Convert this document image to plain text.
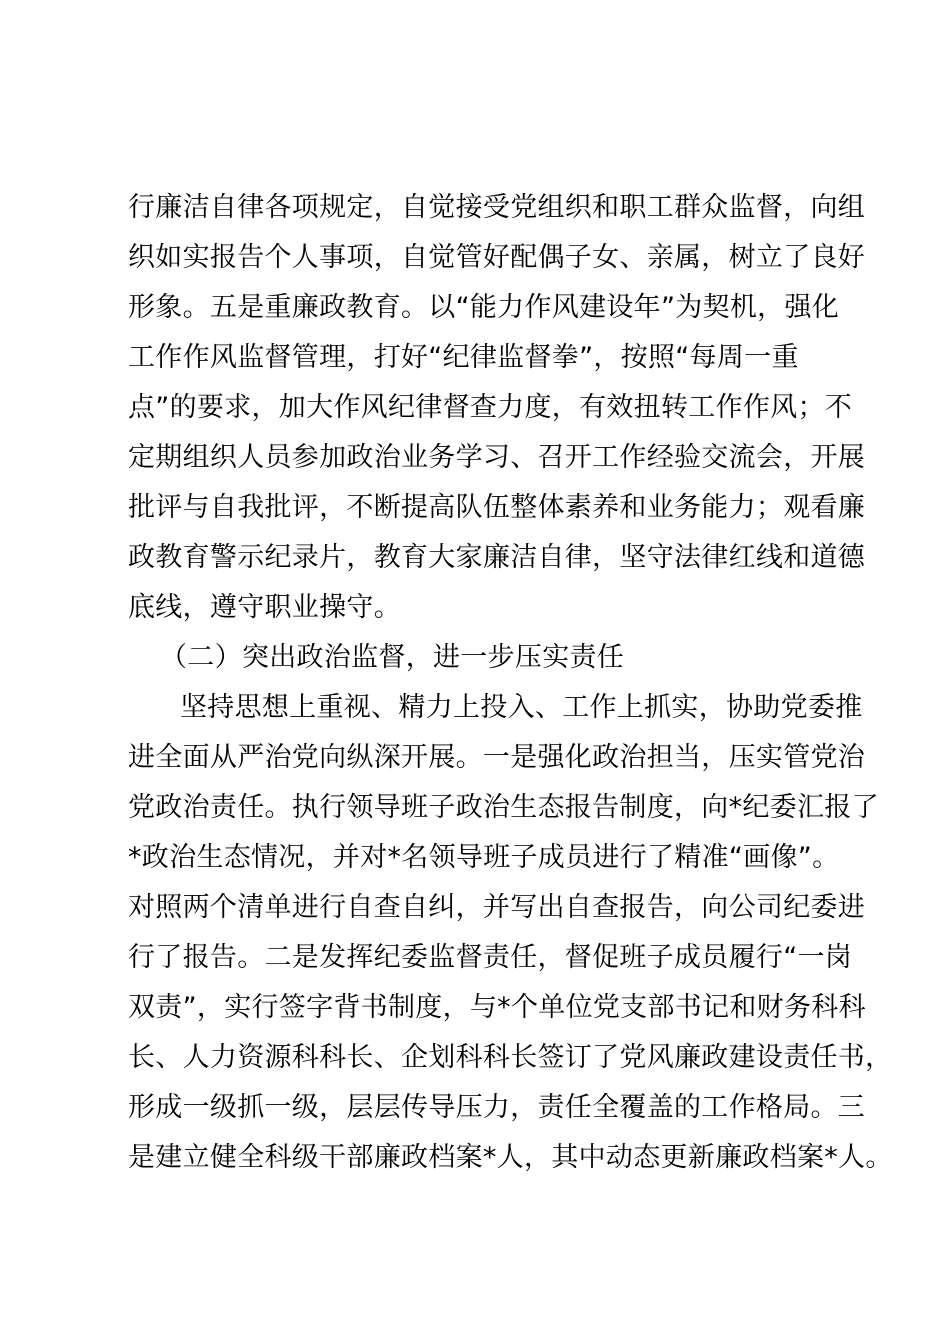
行廉洁自律各项规定，自觉接受党组织和职工群众监督，向组
织如实报告个人事项，自觉管好配偶子女、亲属，树立了良好
形象。五是重廉政教育。以“能力作风建设年”为契机，强化
工作作风监督管理，打好“纪律监督拳”，按照“每周一重
点”的要求，加大作风纪律督查力度，有效扭转工作作风；不
定期组织人员参加政治业务学习、召开工作经验交流会，开展
批评与自我批评，不断提高队伍整体素养和业务能力；观看廉
政教育警示纪录片，教育大家廉洁自律，坚守法律红线和道德
底线，遵守职业操守。
（二）突出政治监督，进一步压实责任
坚持思想上重视、精力上投入、工作上抓实，协助党委推
进全面从严治党向纵深开展。一是强化政治担当，压实管党治
党政治责任。执行领导班子政治生态报告制度，向*纪委汇报了
*政治生态情况，并对*名领导班子成员进行了精准“画像”。
对照两个清单进行自查自纠，并写出自查报告，向公司纪委进
行了报告。二是发挥纪委监督责任，督促班子成员履行“一岗
双责”，实行签字背书制度，与*个单位党支部书记和财务科科
长、人力资源科科长、企划科科长签订了党风廉政建设责任书，
形成一级抓一级，层层传导压力，责任全覆盖的工作格局。三
是建立健全科级干部廉政档案*人，其中动态更新廉政档案*人。
